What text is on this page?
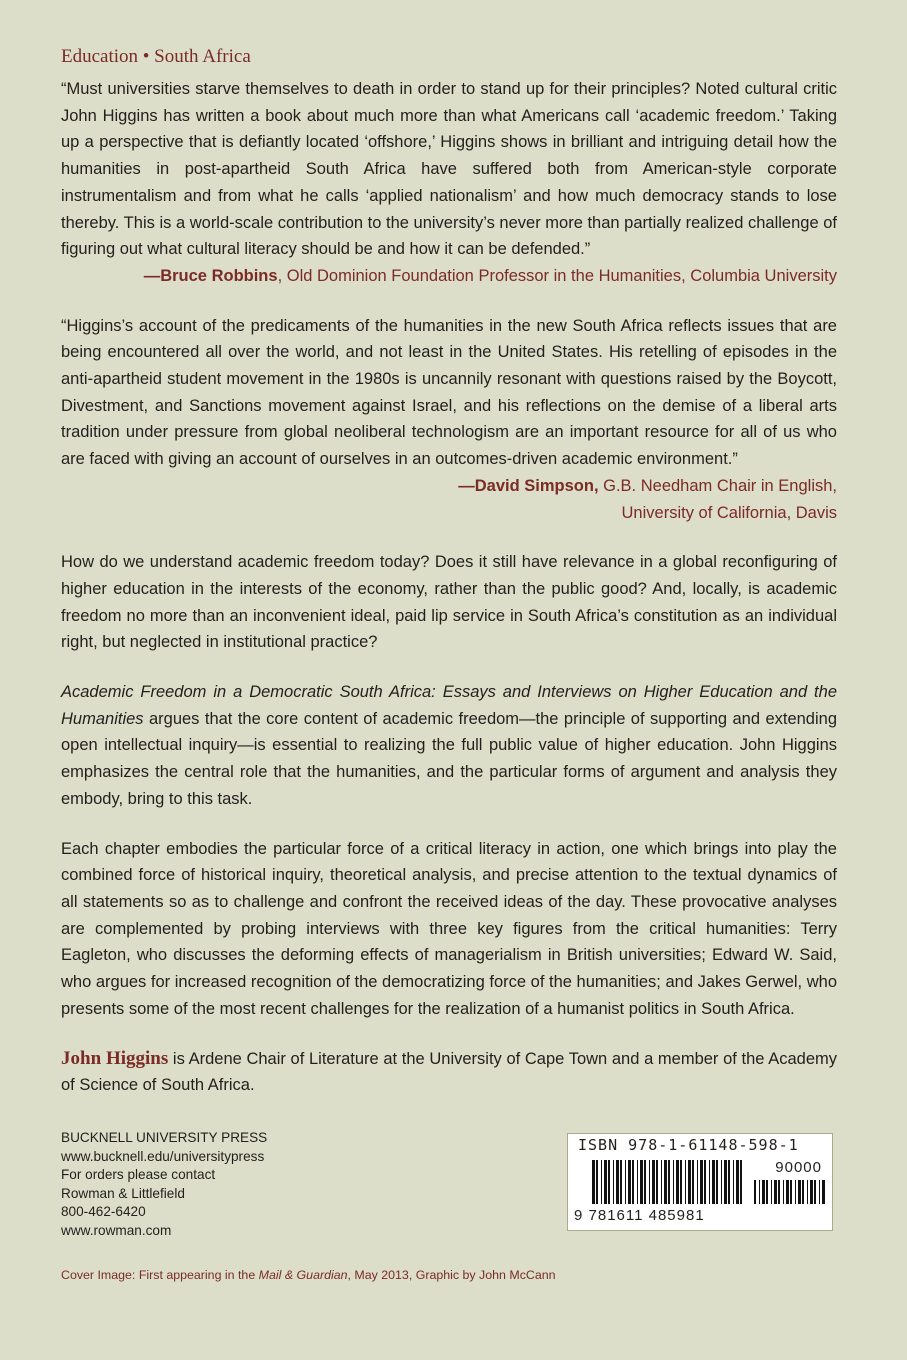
Education • South Africa

“Must universities starve themselves to death in order to stand up for their principles? Noted cultural critic John Higgins has written a book about much more than what Americans call ‘academic freedom.’ Taking up a perspective that is defiantly located ‘offshore,’ Higgins shows in brilliant and intriguing detail how the humanities in post-apartheid South Africa have suffered both from American-style corporate instrumentalism and from what he calls ‘applied nationalism’ and how much democracy stands to lose thereby. This is a world-scale contribution to the university’s never more than partially realized challenge of figuring out what cultural literacy should be and how it can be defended.”

—Bruce Robbins, Old Dominion Foundation Professor in the Humanities, Columbia University

“Higgins’s account of the predicaments of the humanities in the new South Africa reflects issues that are being encountered all over the world, and not least in the United States. His retelling of episodes in the anti-apartheid student movement in the 1980s is uncannily resonant with questions raised by the Boycott, Divestment, and Sanctions movement against Israel, and his reflections on the demise of a liberal arts tradition under pressure from global neoliberal technologism are an important resource for all of us who are faced with giving an account of ourselves in an outcomes-driven academic environment.”

—David Simpson, G.B. Needham Chair in English,
University of California, Davis

How do we understand academic freedom today? Does it still have relevance in a global reconfiguring of higher education in the interests of the economy, rather than the public good? And, locally, is academic freedom no more than an inconvenient ideal, paid lip service in South Africa’s constitution as an individual right, but neglected in institutional practice?

Academic Freedom in a Democratic South Africa: Essays and Interviews on Higher Education and the Humanities argues that the core content of academic freedom—the principle of supporting and extending open intellectual inquiry—is essential to realizing the full public value of higher education. John Higgins emphasizes the central role that the humanities, and the particular forms of argument and analysis they embody, bring to this task.

Each chapter embodies the particular force of a critical literacy in action, one which brings into play the combined force of historical inquiry, theoretical analysis, and precise attention to the textual dynamics of all statements so as to challenge and confront the received ideas of the day. These provocative analyses are complemented by probing interviews with three key figures from the critical humanities: Terry Eagleton, who discusses the deforming effects of managerialism in British universities; Edward W. Said, who argues for increased recognition of the democratizing force of the humanities; and Jakes Gerwel, who presents some of the most recent challenges for the realization of a humanist politics in South Africa.

John Higgins is Ardene Chair of Literature at the University of Cape Town and a member of the Academy of Science of South Africa.

BUCKNELL UNIVERSITY PRESS
www.bucknell.edu/universitypress
For orders please contact
Rowman & Littlefield
800-462-6420
www.rowman.com
ISBN 978-1-61148-598-1
90000
9 781611 485981
Cover Image: First appearing in the Mail & Guardian, May 2013, Graphic by John McCann
